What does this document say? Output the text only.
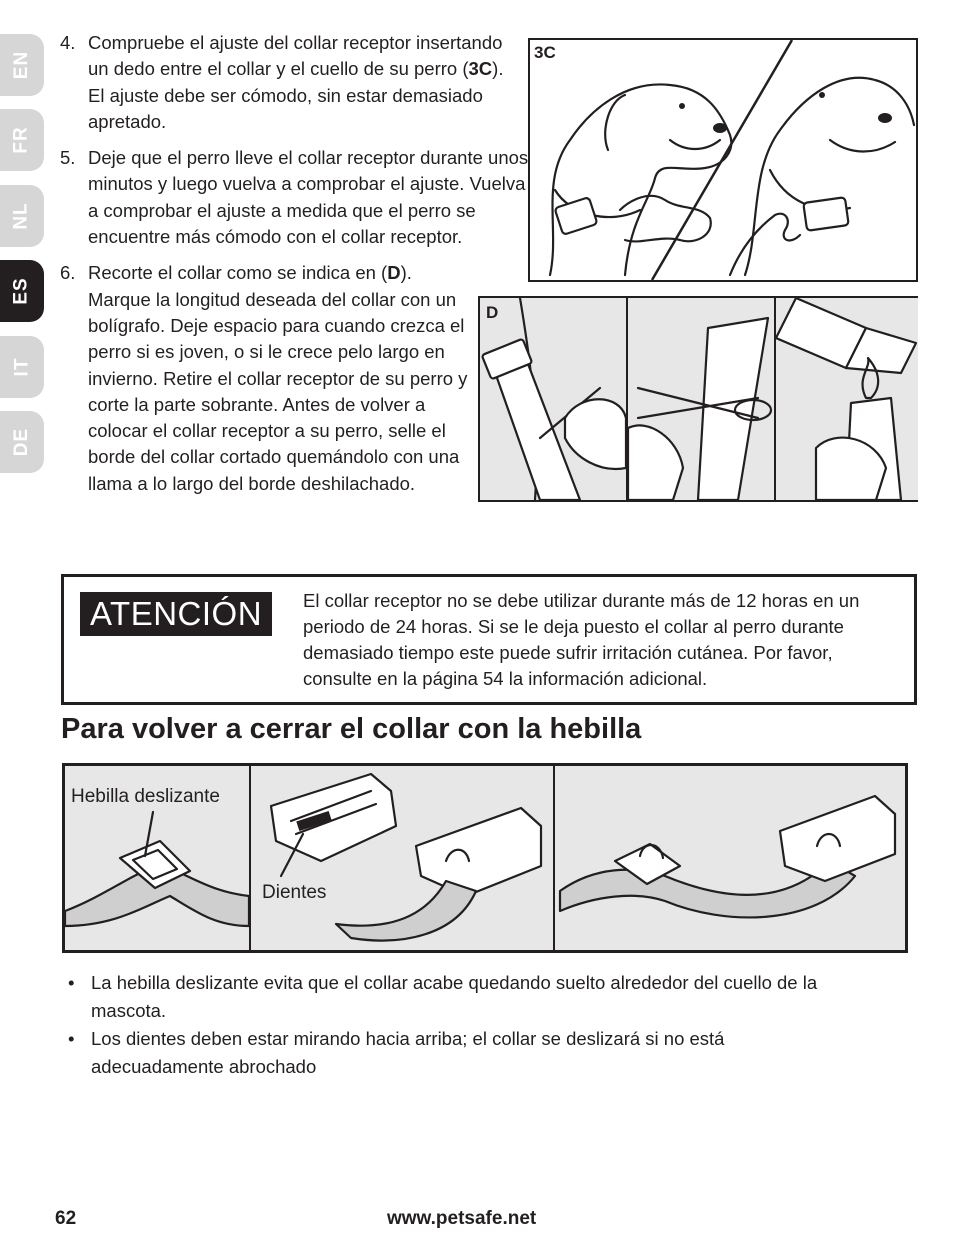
EN
FR
NL
ES
IT
DE
4. Compruebe el ajuste del collar receptor insertando un dedo entre el collar y el cuello de su perro (3C). El ajuste debe ser cómodo, sin estar demasiado apretado.
5. Deje que el perro lleve el collar receptor durante unos minutos y luego vuelva a comprobar el ajuste. Vuelva a comprobar el ajuste a medida que el perro se encuentre más cómodo con el collar receptor.
6. Recorte el collar como se indica en (D). Marque la longitud deseada del collar con un bolígrafo. Deje espacio para cuando crezca el perro si es joven, o si le crece pelo largo en invierno. Retire el collar receptor de su perro y corte la parte sobrante. Antes de volver a colocar el collar receptor a su perro, selle el borde del collar cortado quemándolo con una llama a lo largo del borde deshilachado.
3C
D
ATENCIÓN	El collar receptor no se debe utilizar durante más de 12 horas en un periodo de 24 horas. Si se le deja puesto el collar al perro durante demasiado tiempo este puede sufrir irritación cutánea. Por favor, consulte en la página 54 la información adicional.
Para volver a cerrar el collar con la hebilla
Hebilla deslizante
Dientes
• La hebilla deslizante evita que el collar acabe quedando suelto alrededor del cuello de la mascota.
• Los dientes deben estar mirando hacia arriba; el collar se deslizará si no está adecuadamente abrochado
62	www.petsafe.net
